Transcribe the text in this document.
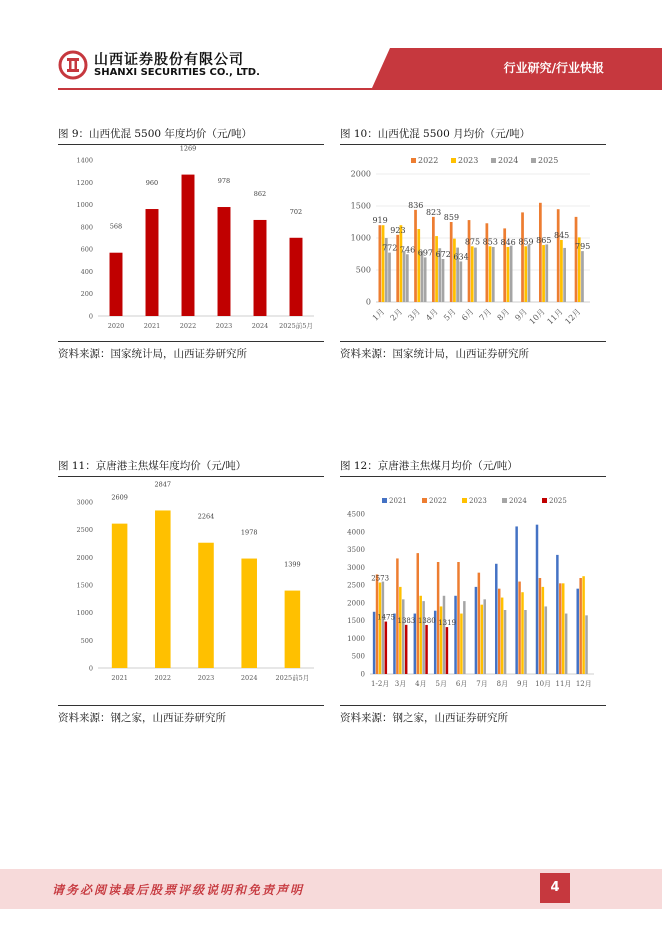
山西证券股份有限公司
SHANXI SECURITIES CO., LTD.	行业研究/行业快报
图 9：山西优混 5500 年度均价（元/吨）
0
200
400
600
800
1000
1200
1400
568
2020
960
2021
1269
2022
978
2023
862
2024
702
2025前5月
资料来源：国家统计局，山西证券研究所
图 10：山西优混 5500 月均价（元/吨）
0
500
1000
1500
2000
1月 2月 3月 4月 5月 6月 7月 8月 9月
10月
11月
12月
2022 2023 2024 2025
919
772
923
746
836
697
823
672
859
634
875 853 846 859 865
845
795
资料来源：国家统计局，山西证券研究所
图 11：京唐港主焦煤年度均价（元/吨）
0
500
1000
1500
2000
2500
3000
2609
2021
2847
2022
2264
2023
1978
2024
1399
2025前5月
资料来源：钢之家，山西证券研究所
图 12：京唐港主焦煤月均价（元/吨）
0
500
1000
1500
2000
2500
3000
3500
4000
4500
1-2月 3月 4月 5月 6月 7月 8月 9月 10月 11月 12月
2021	2022	2023	2024	2025
2573
1475 1383 1380 1319
资料来源：钢之家，山西证券研究所
请务必阅读最后股票评级说明和免责声明	4
